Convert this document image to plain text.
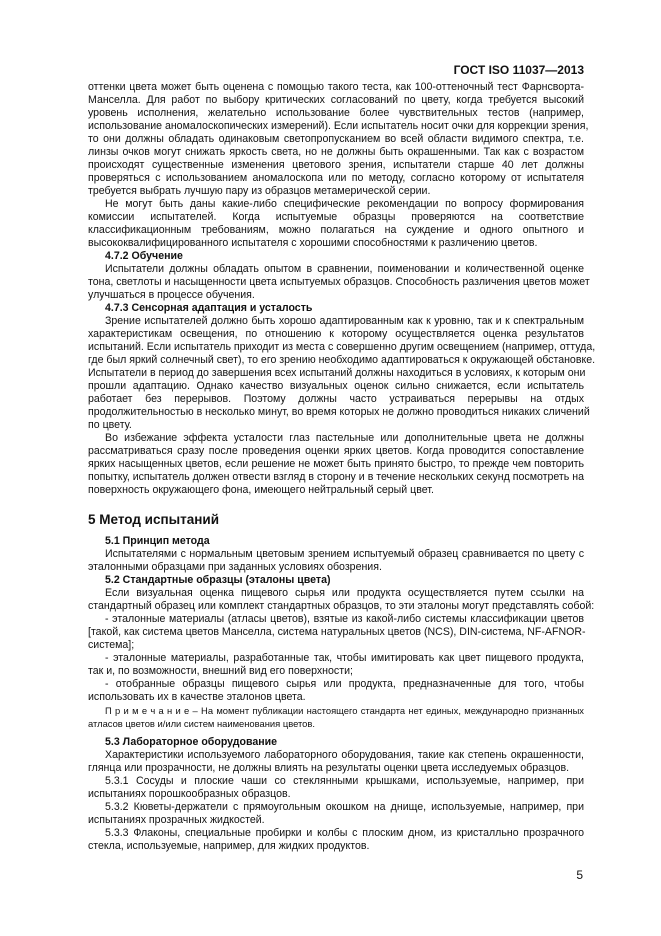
ГОСТ ISO 11037—2013
оттенки цвета может быть оценена с помощью такого теста, как 100-оттеночный тест Фарнсворта-
Манселла. Для работ по выбору критических согласований по цвету, когда требуется высокий
уровень исполнения, желательно использование более чувствительных тестов (например,
использование аномалоскопических измерений). Если испытатель носит очки для коррекции зрения,
то они должны обладать одинаковым светопропусканием во всей области видимого спектра, т.е.
линзы очков могут снижать яркость света, но не должны быть окрашенными. Так как с возрастом
происходят существенные изменения цветового зрения, испытатели старше 40 лет должны
проверяться с использованием аномалоскопа или по методу, согласно которому от испытателя
требуется выбрать лучшую пару из образцов метамерической серии.
Не могут быть даны какие-либо специфические рекомендации по вопросу формирования
комиссии испытателей. Когда испытуемые образцы проверяются на соответствие
классификационным требованиям, можно полагаться на суждение и одного опытного и
высококвалифицированного испытателя с хорошими способностями к различению цветов.
4.7.2 Обучение
Испытатели должны обладать опытом в сравнении, поименовании и количественной оценке
тона, светлоты и насыщенности цвета испытуемых образцов. Способность различения цветов может
улучшаться в процессе обучения.
4.7.3 Сенсорная адаптация и усталость
Зрение испытателей должно быть хорошо адаптированным как к уровню, так и к спектральным
характеристикам освещения, по отношению к которому осуществляется оценка результатов
испытаний. Если испытатель приходит из места с совершенно другим освещением (например, оттуда,
где был яркий солнечный свет), то его зрению необходимо адаптироваться к окружающей обстановке.
Испытатели в период до завершения всех испытаний должны находиться в условиях, к которым они
прошли адаптацию. Однако качество визуальных оценок сильно снижается, если испытатель
работает без перерывов. Поэтому должны часто устраиваться перерывы на отдых
продолжительностью в несколько минут, во время которых не должно проводиться никаких сличений
по цвету.
Во избежание эффекта усталости глаз пастельные или дополнительные цвета не должны
рассматриваться сразу после проведения оценки ярких цветов. Когда проводится сопоставление
ярких насыщенных цветов, если решение не может быть принято быстро, то прежде чем повторить
попытку, испытатель должен отвести взгляд в сторону и в течение нескольких секунд посмотреть на
поверхность окружающего фона, имеющего нейтральный серый цвет.
5 Метод испытаний
5.1 Принцип метода
Испытателями с нормальным цветовым зрением испытуемый образец сравнивается по цвету с
эталонными образцами при заданных условиях обозрения.
5.2 Стандартные образцы (эталоны цвета)
Если визуальная оценка пищевого сырья или продукта осуществляется путем ссылки на
стандартный образец или комплект стандартных образцов, то эти эталоны могут представлять собой:
- эталонные материалы (атласы цветов), взятые из какой-либо системы классификации цветов
[такой, как система цветов Манселла, система натуральных цветов (NCS), DIN-система, NF-AFNOR-
система];
- эталонные материалы, разработанные так, чтобы имитировать как цвет пищевого продукта,
так и, по возможности, внешний вид его поверхности;
- отобранные образцы пищевого сырья или продукта, предназначенные для того, чтобы
использовать их в качестве эталонов цвета.
П р и м е ч а н и е – На момент публикации настоящего стандарта нет единых, международно признанных
атласов цветов и/или систем наименования цветов.
5.3 Лабораторное оборудование
Характеристики используемого лабораторного оборудования, такие как степень окрашенности,
глянца или прозрачности, не должны влиять на результаты оценки цвета исследуемых образцов.
5.3.1 Сосуды и плоские чаши со стеклянными крышками, используемые, например, при
испытаниях порошкообразных образцов.
5.3.2 Кюветы-держатели с прямоугольным окошком на днище, используемые, например, при
испытаниях прозрачных жидкостей.
5.3.3 Флаконы, специальные пробирки и колбы с плоским дном, из кристалльно прозрачного
стекла, используемые, например, для жидких продуктов.
5
